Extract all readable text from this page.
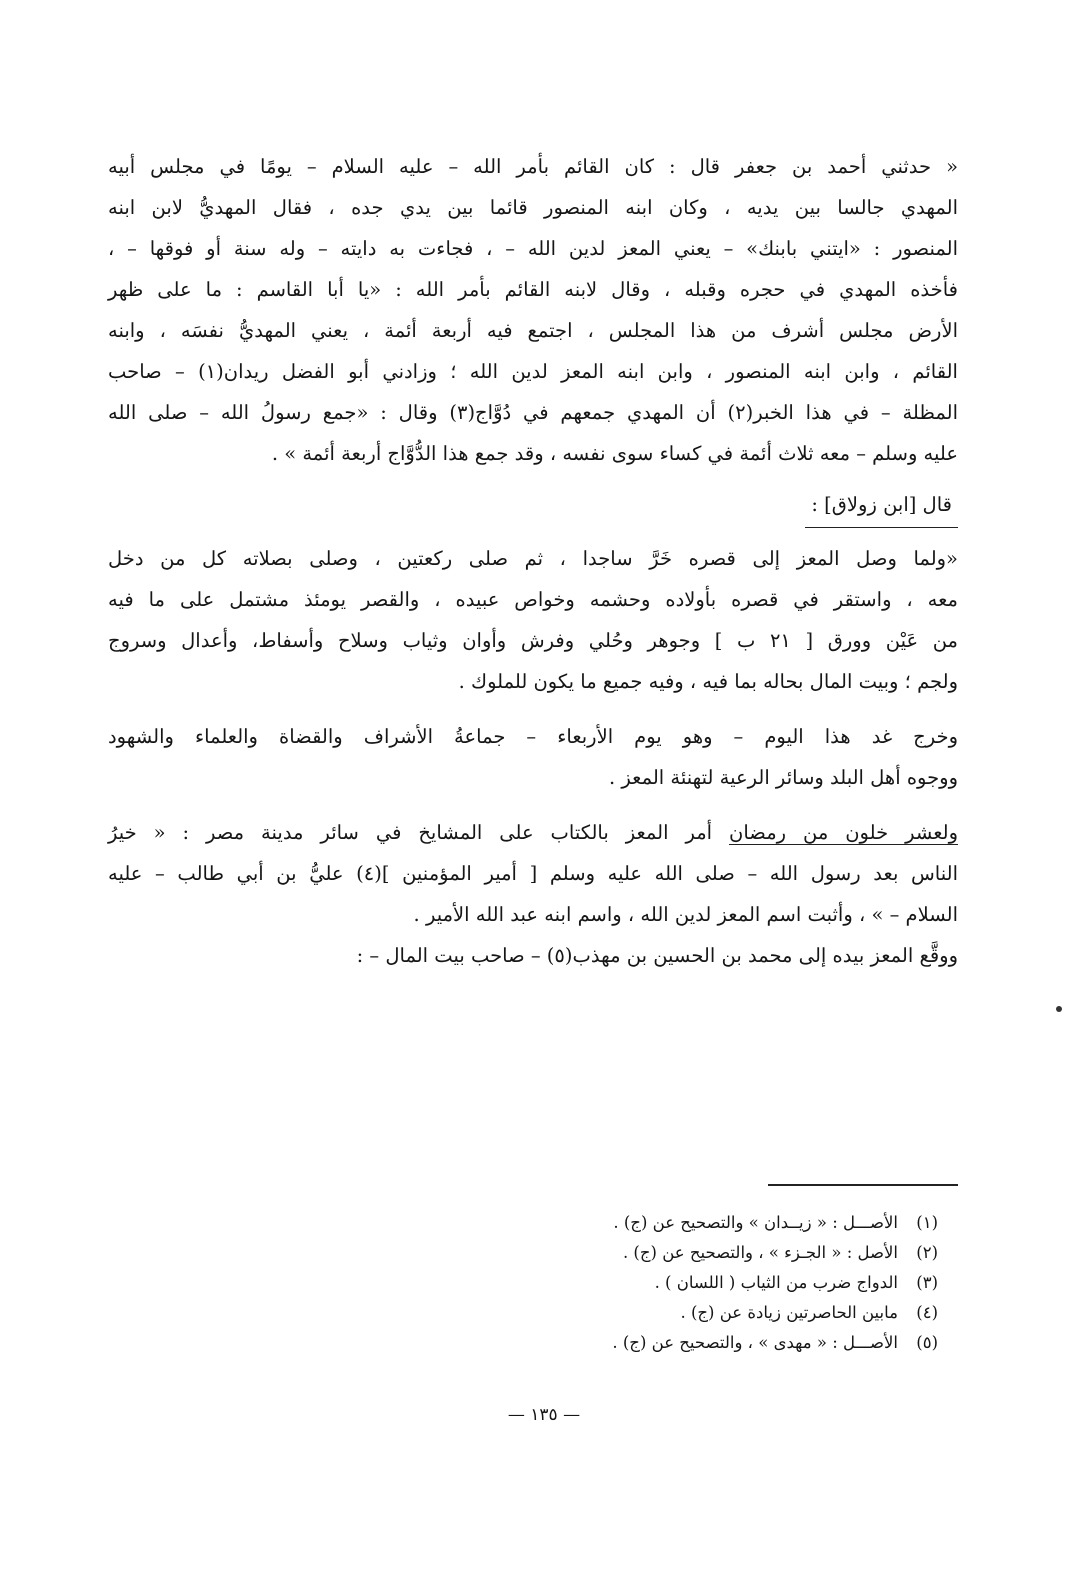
« حدثني أحمد بن جعفر قال : كان القائم بأمر الله – عليه السلام – يومًا في مجلس أبيه
المهدي جالسا بين يديه ، وكان ابنه المنصور قائما بين يدي جده ، فقال المهديُّ لابن ابنه
المنصور : «ايتني بابنك» – يعني المعز لدين الله – ، فجاءت به دايته – وله سنة أو فوقها – ،
فأخذه المهدي في حجره وقبله ، وقال لابنه القائم بأمر الله : «يا أبا القاسم : ما على ظهر
الأرض مجلس أشرف من هذا المجلس ، اجتمع فيه أربعة أئمة ، يعني المهديُّ نفسَه ، وابنه
القائم ، وابن ابنه المنصور ، وابن ابنه المعز لدين الله ؛ وزادني أبو الفضل ريدان(١) – صاحب
المظلة – في هذا الخبر(٢) أن المهدي جمعهم في دُوَّاج(٣) وقال : «جمع رسولُ الله – صلى الله
عليه وسلم – معه ثلاث أئمة في كساء سوى نفسه ، وقد جمع هذا الدُّوَّاج أربعة أئمة » .

قال [ابن زولاق] :

«ولما وصل المعز إلى قصره خَرَّ ساجدا ، ثم صلى ركعتين ، وصلى بصلاته كل من دخل
معه ، واستقر في قصره بأولاده وحشمه وخواص عبيده ، والقصر يومئذ مشتمل على ما فيه
من عَيْن وورق [ ٢١ ب ] وجوهر وحُلي وفرش وأوان وثياب وسلاح وأسفاط، وأعدال وسروج
ولجم ؛ وبيت المال بحاله بما فيه ، وفيه جميع ما يكون للملوك .

وخرج غد هذا اليوم – وهو يوم الأربعاء – جماعةُ الأشراف والقضاة والعلماء والشهود
ووجوه أهل البلد وسائر الرعية لتهنئة المعز .

ولعشر خلون من رمضان أمر المعز بالكتاب على المشايخ في سائر مدينة مصر : « خيرُ
الناس بعد رسول الله – صلى الله عليه وسلم [ أمير المؤمنين ](٤) عليُّ بن أبي طالب – عليه
السلام – » ، وأثبت اسم المعز لدين الله ، واسم ابنه عبد الله الأمير .

ووقَّع المعز بيده إلى محمد بن الحسين بن مهذب(٥) – صاحب بيت المال – :

(١)الأصـــل : « زيــدان » والتصحيح عن (ج) .
(٢)الأصل : « الجـزء » ، والتصحيح عن (ج) .
(٣)الدواج ضرب من الثياب ( اللسان ) .
(٤)مابين الحاصرتين زيادة عن (ج) .
(٥)الأصـــل : « مهدى » ، والتصحيح عن (ج) .
— ١٣٥ —
